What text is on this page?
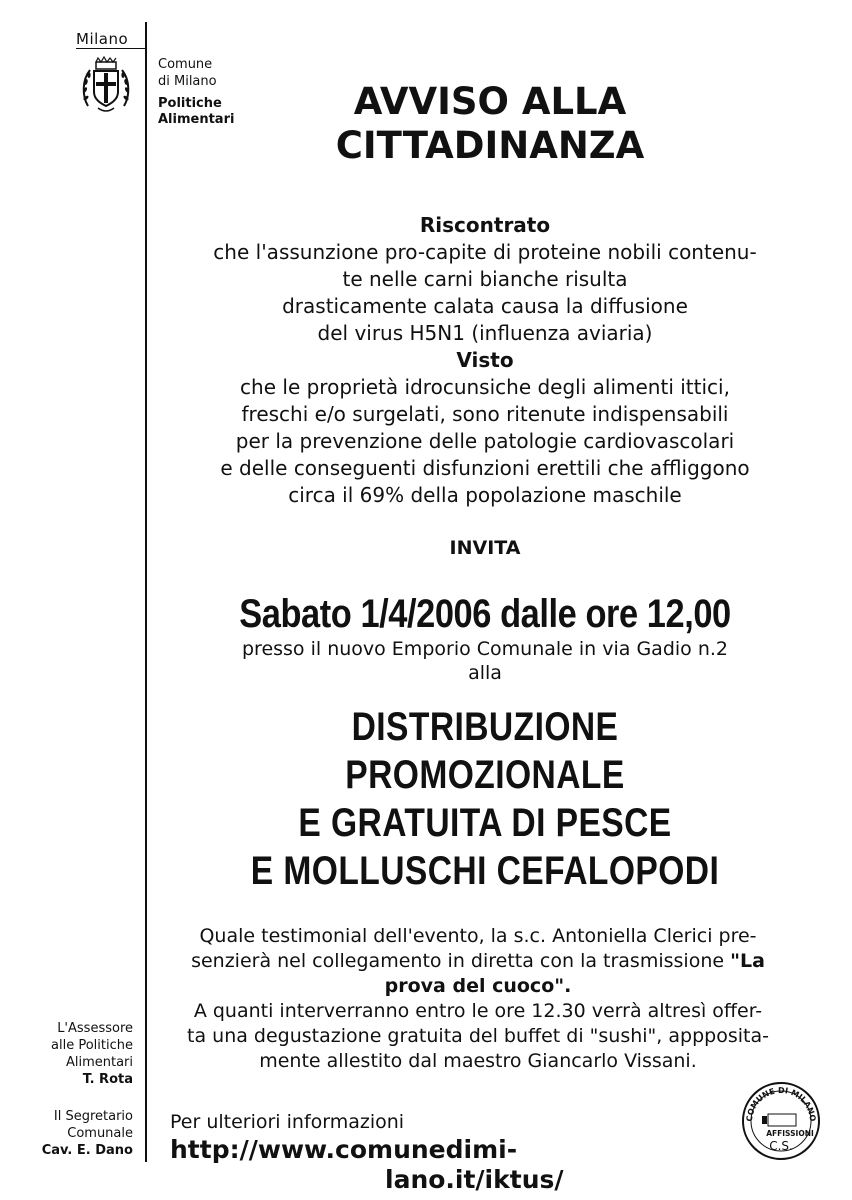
Milano
L'Assessore
alle Politiche
Alimentari
T. Rota
Il Segretario
Comunale
Cav. E. Dano
Comune
di Milano
Politiche
Alimentari	AVVISO ALLA
CITTADINANZA
Riscontrato
che l'assunzione pro-capite di proteine nobili contenu-
te nelle carni bianche risulta
drasticamente calata causa la diffusione
del virus H5N1 (influenza aviaria)
Visto
che le proprietà idrocunsiche degli alimenti ittici,
freschi e/o surgelati, sono ritenute indispensabili
per la prevenzione delle patologie cardiovascolari
e delle conseguenti disfunzioni erettili che affliggono
circa il 69% della popolazione maschile
INVITA
Sabato 1/4/2006 dalle ore 12,00
presso il nuovo Emporio Comunale in via Gadio n.2
alla
DISTRIBUZIONE PROMOZIONALE
E GRATUITA DI PESCE
E MOLLUSCHI CEFALOPODI
Quale testimonial dell'evento, la s.c. Antoniella Clerici pre-
senzierà nel collegamento in diretta con la trasmissione "La
prova del cuoco".
A quanti interverranno entro le ore 12.30 verrà altresì offer-
ta una degustazione gratuita del buffet di "sushi", appposita-
mente allestito dal maestro Giancarlo Vissani.
Per ulteriori informazioni http://www.comunedimi-
lano.it/iktus/
COMUNE DI MILANO
AFFISSIONI
C.S.
